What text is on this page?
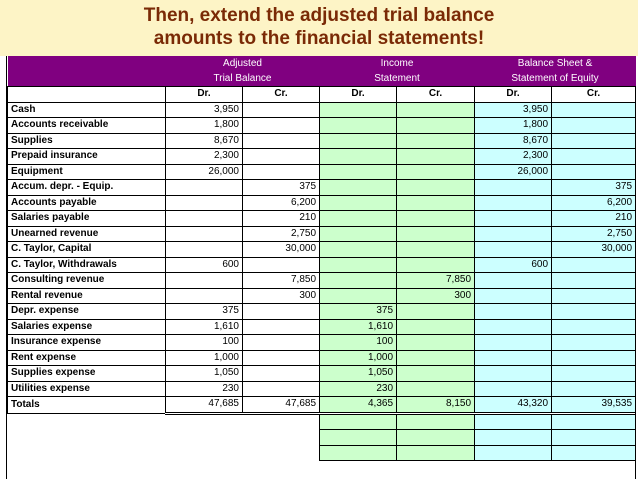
Then, extend the adjusted trial balance
amounts to the financial statements!
	Adjusted		Income		Balance Sheet &	
	Trial Balance		Statement		Statement of Equity	
	Dr.	Cr.	Dr.	Cr.	Dr.	Cr.
Cash	3,950				3,950	
Accounts receivable	1,800				1,800	
Supplies	8,670				8,670	
Prepaid insurance	2,300				2,300	
Equipment	26,000				26,000	
Accum. depr. - Equip.		375				375
Accounts payable		6,200				6,200
Salaries payable		210				210
Unearned revenue		2,750				2,750
C. Taylor, Capital		30,000				30,000
C. Taylor, Withdrawals	600				600	
Consulting revenue		7,850		7,850		
Rental revenue		300		300		
Depr. expense	375		375			
Salaries expense	1,610		1,610			
Insurance expense	100		100			
Rent expense	1,000		1,000			
Supplies expense	1,050		1,050			
Utilities expense	230		230			
Totals	47,685	47,685	4,365	8,150	43,320	39,535
